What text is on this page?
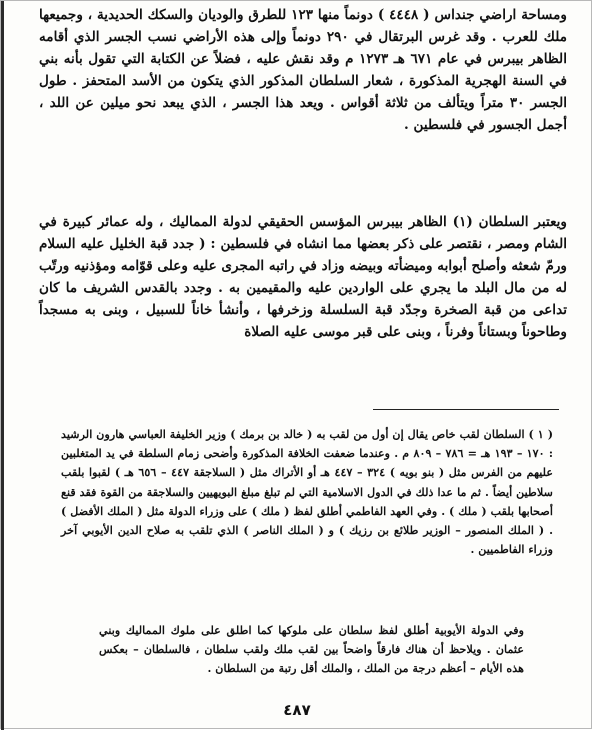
ومساحة اراضي جنداس ( ٤٤٤٨ ) دونماً منها ١٢٣ للطرق والوديان والسكك الحديدية ، وجميعها ملك للعرب . وقد غرس البرتقال في ٢٩٠ دونماً وإلى هذه الأراضي نسب الجسر الذي أقامه الظاهر بيبرس في عام ٦٧١ هـ ١٢٧٣ م وقد نقش عليه ، فضلاً عن الكتابة التي تقول بأنه بني في السنة الهجرية المذكورة ، شعار السلطان المذكور الذي يتكون من الأسد المتحفز . طول الجسر ٣٠ متراً ويتألف من ثلاثة أقواس . ويعد هذا الجسر ، الذي يبعد نحو ميلين عن اللد ، أجمل الجسور في فلسطين .

ويعتبر السلطان (١) الظاهر بيبرس المؤسس الحقيقي لدولة المماليك ، وله عمائر كبيرة في الشام ومصر ، نقتصر على ذكر بعضها مما انشاه في فلسطين : ( جدد قبة الخليل عليه السلام ورمّ شعثه وأصلح أبوابه وميضأته وبيضه وزاد في راتبه المجرى عليه وعلى قوّامه ومؤذنيه ورتّب له من مال البلد ما يجري على الواردين عليه والمقيمين به . وجدد بالقدس الشريف ما كان تداعى من قبة الصخرة وجدّد قبة السلسلة وزخرفها ، وأنشأ خاناً للسبيل ، وبنى به مسجداً وطاحوناً وبستاناً وفرناً ، وبنى على قبر موسى عليه الصلاة

( ١ ) السلطان لقب خاص يقال إن أول من لقب به ( خالد بن برمك ) وزير الخليفة العباسي هارون الرشيد : ١٧٠ – ١٩٣ هـ = ٧٨٦ – ٨٠٩ م . وعندما ضعفت الخلافة المذكورة وأضحى زمام السلطة في يد المتغلبين عليهم من الفرس مثل ( بنو بويه ) ٣٢٤ – ٤٤٧ هـ أو الأتراك مثل ( السلاجقة ٤٤٧ – ٦٥٦ هـ ) لقبوا بلقب سلاطين أيضاً . ثم ما عدا ذلك في الدول الاسلامية التي لم تبلغ مبلغ البويهيين والسلاجقة من القوة فقد قنع أصحابها بلقب ( ملك ) . وفي العهد الفاطمي أطلق لفظ ( ملك ) على وزراء الدولة مثل ( الملك الأفضل ) . ( الملك المنصور – الوزير طلائع بن رزيك ) و ( الملك الناصر ) الذي تلقب به صلاح الدين الأيوبي آخر وزراء الفاطميين .

وفي الدولة الأيوبية أطلق لفظ سلطان على ملوكها كما اطلق على ملوك المماليك وبني عثمان . ويلاحظ أن هناك فارقاً واضحاً بين لقب ملك ولقب سلطان ، فالسلطان – بعكس هذه الأيام – أعظم درجة من الملك ، والملك أقل رتبة من السلطان .

٤٨٧
